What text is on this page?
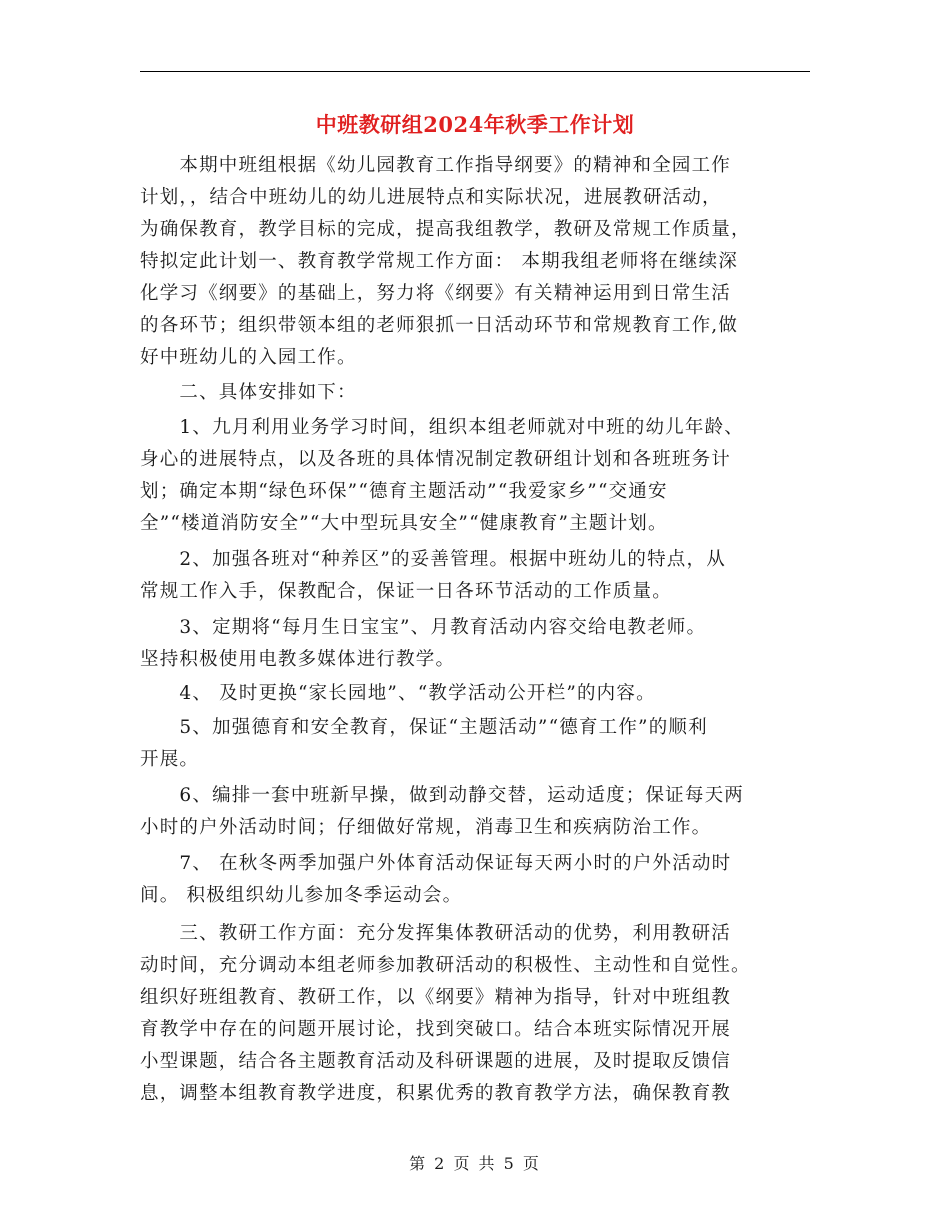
中班教研组2024年秋季工作计划
　　本期中班组根据《幼儿园教育工作指导纲要》的精神和全园工作
计划，，结合中班幼儿的幼儿进展特点和实际状况，进展教研活动，
为确保教育，教学目标的完成，提高我组教学，教研及常规工作质量，
特拟定此计划一、教育教学常规工作方面： 本期我组老师将在继续深
化学习《纲要》的基础上，努力将《纲要》有关精神运用到日常生活
的各环节；组织带领本组的老师狠抓一日活动环节和常规教育工作,做
好中班幼儿的入园工作。
　　二、具体安排如下：
　　1、九月利用业务学习时间，组织本组老师就对中班的幼儿年龄、
身心的进展特点，以及各班的具体情况制定教研组计划和各班班务计
划；确定本期“绿色环保”“德育主题活动”“我爱家乡”“交通安
全”“楼道消防安全”“大中型玩具安全”“健康教育”主题计划。
　　2、加强各班对“种养区”的妥善管理。根据中班幼儿的特点，从
常规工作入手，保教配合，保证一日各环节活动的工作质量。
　　3、定期将“每月生日宝宝”、月教育活动内容交给电教老师。
坚持积极使用电教多媒体进行教学。
　　4、 及时更换“家长园地”、“教学活动公开栏”的内容。
　　5、加强德育和安全教育，保证“主题活动”“德育工作”的顺利
开展。
　　6、编排一套中班新早操，做到动静交替，运动适度；保证每天两
小时的户外活动时间；仔细做好常规，消毒卫生和疾病防治工作。
　　7、 在秋冬两季加强户外体育活动保证每天两小时的户外活动时
间。 积极组织幼儿参加冬季运动会。
　　三、教研工作方面：充分发挥集体教研活动的优势，利用教研活
动时间，充分调动本组老师参加教研活动的积极性、主动性和自觉性。
组织好班组教育、教研工作，以《纲要》精神为指导，针对中班组教
育教学中存在的问题开展讨论，找到突破口。结合本班实际情况开展
小型课题，结合各主题教育活动及科研课题的进展，及时提取反馈信
息，调整本组教育教学进度，积累优秀的教育教学方法，确保教育教
第 2 页 共 5 页
